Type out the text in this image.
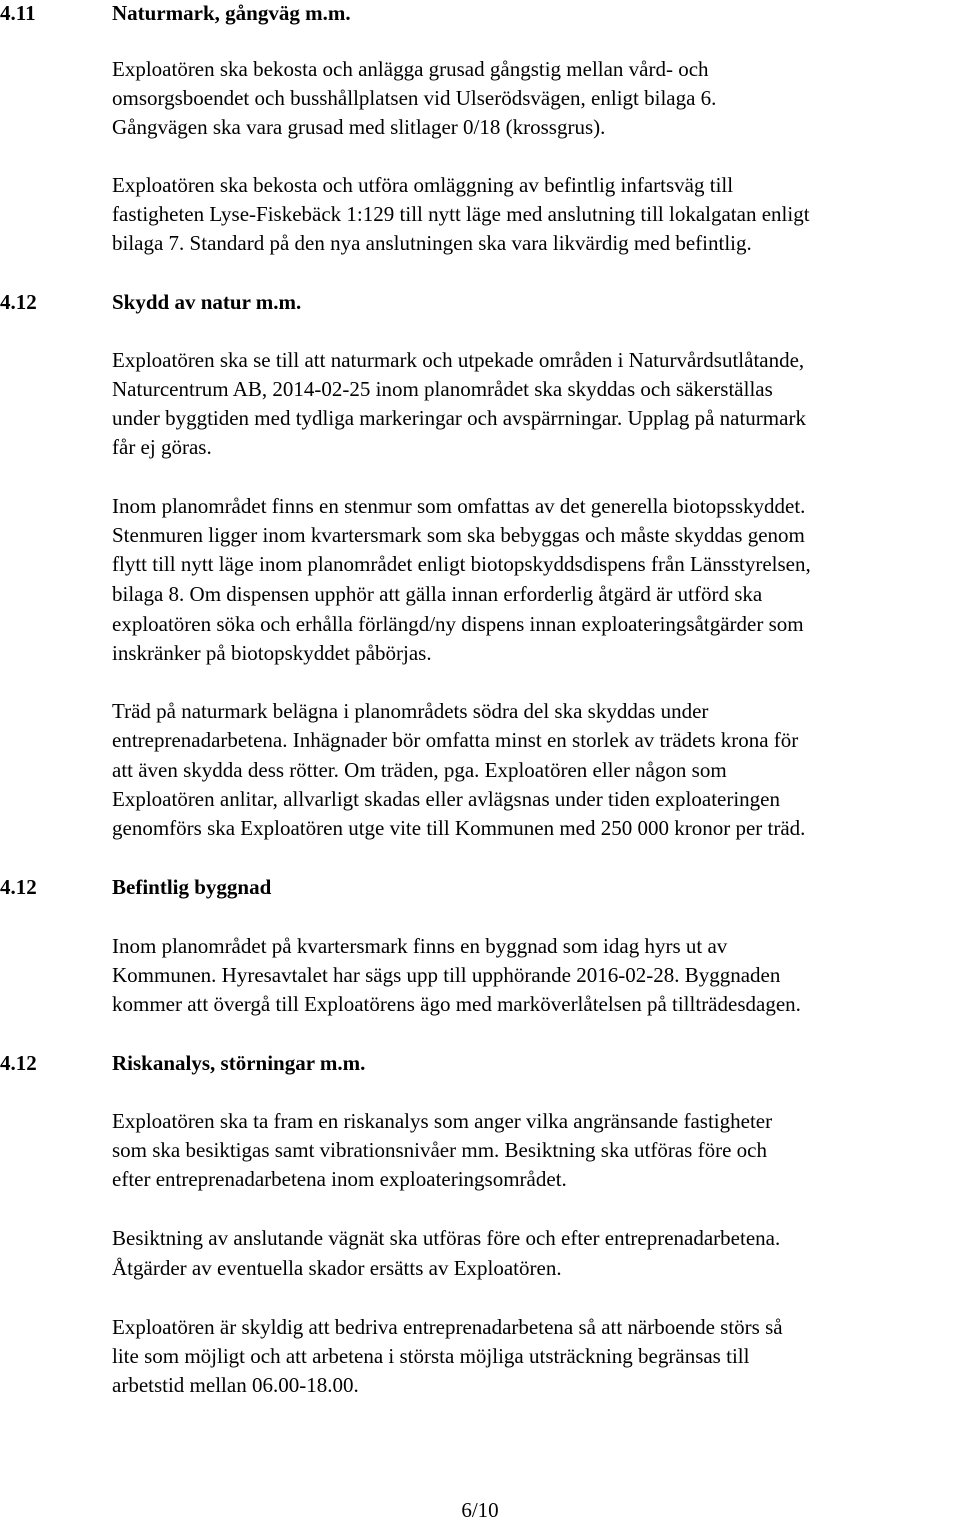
4.11	Naturmark, gångväg m.m.
Exploatören ska bekosta och anlägga grusad gångstig mellan vård- och
omsorgsboendet och busshållplatsen vid Ulserödsvägen, enligt bilaga 6.
Gångvägen ska vara grusad med slitlager 0/18 (krossgrus).
Exploatören ska bekosta och utföra omläggning av befintlig infartsväg till
fastigheten Lyse-Fiskebäck 1:129 till nytt läge med anslutning till lokalgatan enligt
bilaga 7. Standard på den nya anslutningen ska vara likvärdig med befintlig.
4.12	Skydd av natur m.m.
Exploatören ska se till att naturmark och utpekade områden i Naturvårdsutlåtande,
Naturcentrum AB, 2014-02-25 inom planområdet ska skyddas och säkerställas
under byggtiden med tydliga markeringar och avspärrningar. Upplag på naturmark
får ej göras.
Inom planområdet finns en stenmur som omfattas av det generella biotopsskyddet.
Stenmuren ligger inom kvartersmark som ska bebyggas och måste skyddas genom
flytt till nytt läge inom planområdet enligt biotopskyddsdispens från Länsstyrelsen,
bilaga 8. Om dispensen upphör att gälla innan erforderlig åtgärd är utförd ska
exploatören söka och erhålla förlängd/ny dispens innan exploateringsåtgärder som
inskränker på biotopskyddet påbörjas.
Träd på naturmark belägna i planområdets södra del ska skyddas under
entreprenadarbetena. Inhägnader bör omfatta minst en storlek av trädets krona för
att även skydda dess rötter. Om träden, pga. Exploatören eller någon som
Exploatören anlitar, allvarligt skadas eller avlägsnas under tiden exploateringen
genomförs ska Exploatören utge vite till Kommunen med 250 000 kronor per träd.
4.12	Befintlig byggnad
Inom planområdet på kvartersmark finns en byggnad som idag hyrs ut av
Kommunen. Hyresavtalet har sägs upp till upphörande 2016-02-28. Byggnaden
kommer att övergå till Exploatörens ägo med marköverlåtelsen på tillträdesdagen.
4.12	Riskanalys, störningar m.m.
Exploatören ska ta fram en riskanalys som anger vilka angränsande fastigheter
som ska besiktigas samt vibrationsnivåer mm. Besiktning ska utföras före och
efter entreprenadarbetena inom exploateringsområdet.
Besiktning av anslutande vägnät ska utföras före och efter entreprenadarbetena.
Åtgärder av eventuella skador ersätts av Exploatören.
Exploatören är skyldig att bedriva entreprenadarbetena så att närboende störs så
lite som möjligt och att arbetena i största möjliga utsträckning begränsas till
arbetstid mellan 06.00-18.00.
6/10
